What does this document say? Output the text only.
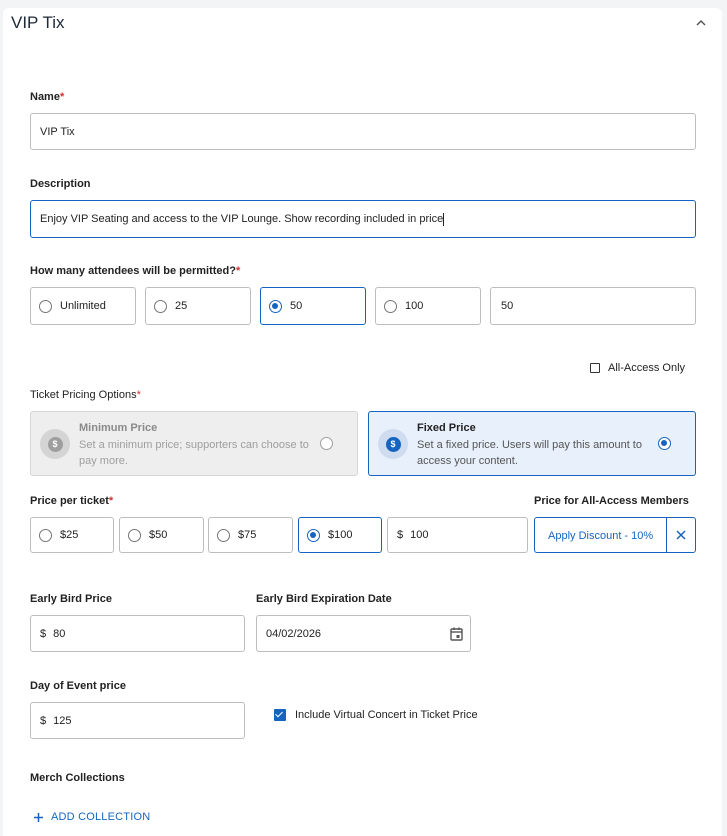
VIP Tix
Name*
VIP Tix
Description
Enjoy VIP Seating and access to the VIP Lounge. Show recording included in price
How many attendees will be permitted?*
Unlimited	25	50	100	50
All-Access Only
Ticket Pricing Options*
$
Minimum Price
Set a minimum price; supporters can choose to pay more.
$
Fixed Price
Set a fixed price. Users will pay this amount to access your content.
Price per ticket*	Price for All-Access Members
$25	$50	$75	$100	$ 100	Apply Discount - 10%
Early Bird Price
$ 80
Early Bird Expiration Date
04/02/2026
Day of Event price
$ 125	Include Virtual Concert in Ticket Price
Merch Collections
ADD COLLECTION
